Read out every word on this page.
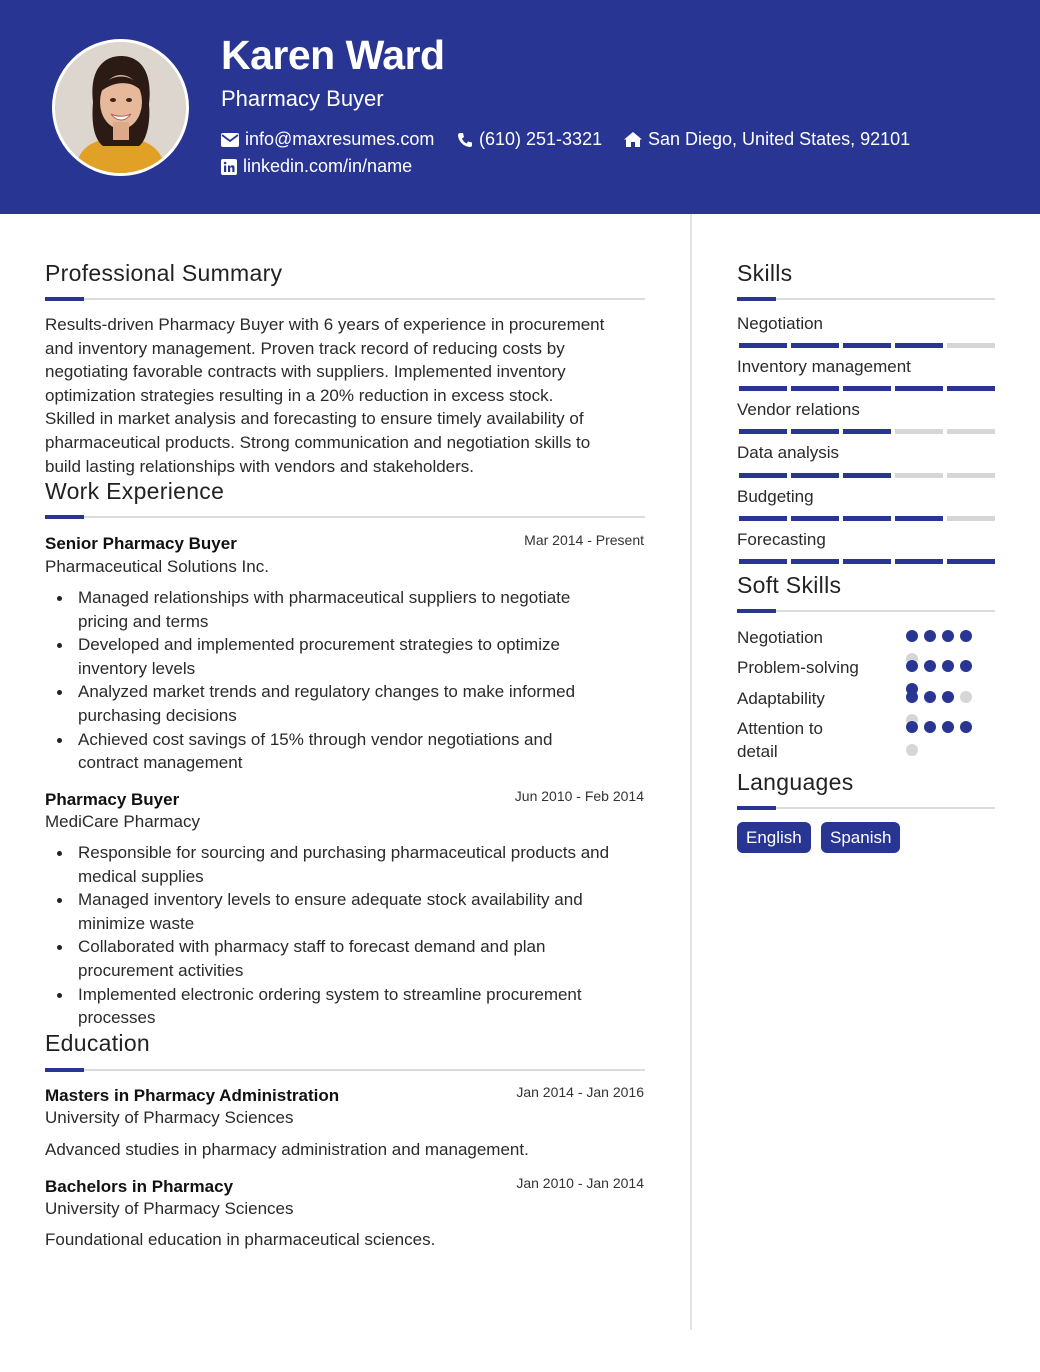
Karen Ward
Pharmacy Buyer
info@maxresumes.com (610) 251-3321	San Diego, United States, 92101
linkedin.com/in/name
Professional Summary
Results-driven Pharmacy Buyer with 6 years of experience in procurement
and inventory management. Proven track record of reducing costs by
negotiating favorable contracts with suppliers. Implemented inventory
optimization strategies resulting in a 20% reduction in excess stock.
Skilled in market analysis and forecasting to ensure timely availability of
pharmaceutical products. Strong communication and negotiation skills to
build lasting relationships with vendors and stakeholders.
Work Experience
Senior Pharmacy Buyer	Mar 2014 - Present
Pharmaceutical Solutions Inc.
Managed relationships with pharmaceutical suppliers to negotiate
pricing and terms
Developed and implemented procurement strategies to optimize
inventory levels
Analyzed market trends and regulatory changes to make informed
purchasing decisions
Achieved cost savings of 15% through vendor negotiations and
contract management
Pharmacy Buyer	Jun 2010 - Feb 2014
MediCare Pharmacy
Responsible for sourcing and purchasing pharmaceutical products and
medical supplies
Managed inventory levels to ensure adequate stock availability and
minimize waste
Collaborated with pharmacy staff to forecast demand and plan
procurement activities
Implemented electronic ordering system to streamline procurement
processes
Education
Masters in Pharmacy Administration	Jan 2014 - Jan 2016
University of Pharmacy Sciences
Advanced studies in pharmacy administration and management.
Bachelors in Pharmacy	Jan 2010 - Jan 2014
University of Pharmacy Sciences
Foundational education in pharmaceutical sciences.
Skills
Negotiation
Inventory management
Vendor relations
Data analysis
Budgeting
Forecasting
Soft Skills
Negotiation
Problem-solving
Adaptability
Attention to detail
Languages
English	Spanish
